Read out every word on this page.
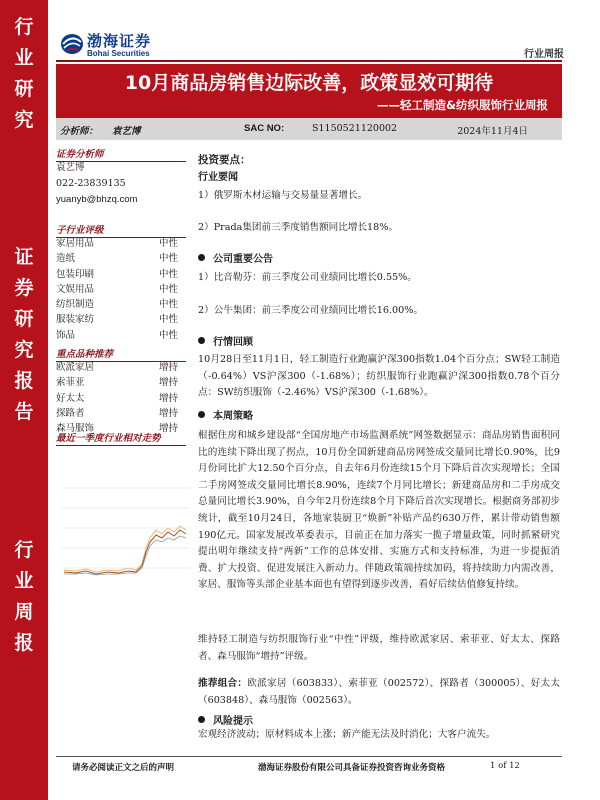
行
业
研
究
证
券
研
究
报
告
行
业
周
报
渤海证券
Bohai Securities	行业周报
10月商品房销售边际改善，政策显效可期待
——轻工制造&纺织服饰行业周报
分析师： 袁艺博	SAC NO:	S1150521120002	2024年11月4日
证券分析师
袁艺博
022-23839135
yuanyb@bhzq.com
子行业评级
家居用品	中性
造纸	中性
包装印刷	中性
文娱用品	中性
纺织制造	中性
服装家纺	中性
饰品	中性
重点品种推荐
欧派家居	增持
索菲亚	增持
好太太	增持
探路者	增持
森马服饰	增持
最近一季度行业相对走势
投资要点：
行业要闻
1）俄罗斯木材运输与交易量显著增长。
2）Prada集团前三季度销售额同比增长18%。
公司重要公告
1）比音勒芬：前三季度公司业绩同比增长0.55%。
2）公牛集团：前三季度公司业绩同比增长16.00%。
行情回顾
10月28日至11月1日，轻工制造行业跑赢沪深300指数1.04个百分点；SW轻工制造（-0.64%）VS沪深300（-1.68%）；纺织服饰行业跑赢沪深300指数0.78个百分点：SW纺织服饰（-2.46%）VS沪深300（-1.68%）。
本周策略
根据住房和城乡建设部“全国房地产市场监测系统”网签数据显示：商品房销售面积同比的连续下降出现了拐点，10月份全国新建商品房网签成交量同比增长0.90%，比9月份同比扩大12.50个百分点，自去年6月份连续15个月下降后首次实现增长；全国二手房网签成交量同比增长8.90%，连续7个月同比增长；新建商品房和二手房成交总量同比增长3.90%，自今年2月份连续8个月下降后首次实现增长。根据商务部初步统计，截至10月24日，各地家装厨卫“焕新”补贴产品约630万件，累计带动销售额190亿元。国家发展改革委表示，目前正在加力落实一揽子增量政策，同时抓紧研究提出明年继续支持“两新”工作的总体安排、实施方式和支持标准，为进一步提振消费、扩大投资、促进发展注入新动力。伴随政策端持续加码，将持续助力内需改善，家居、服饰等头部企业基本面也有望得到逐步改善，看好后续估值修复持续。
维持轻工制造与纺织服饰行业“中性”评级，维持欧派家居、索菲亚、好太太、探路者、森马服饰“增持”评级。
推荐组合：欧派家居（603833）、索菲亚（002572）、探路者（300005）、好太太（603848）、森马服饰（002563）。
风险提示
宏观经济波动；原材料成本上涨；新产能无法及时消化；大客户流失。
请务必阅读正文之后的声明	渤海证券股份有限公司具备证券投资咨询业务资格	1 of 12
